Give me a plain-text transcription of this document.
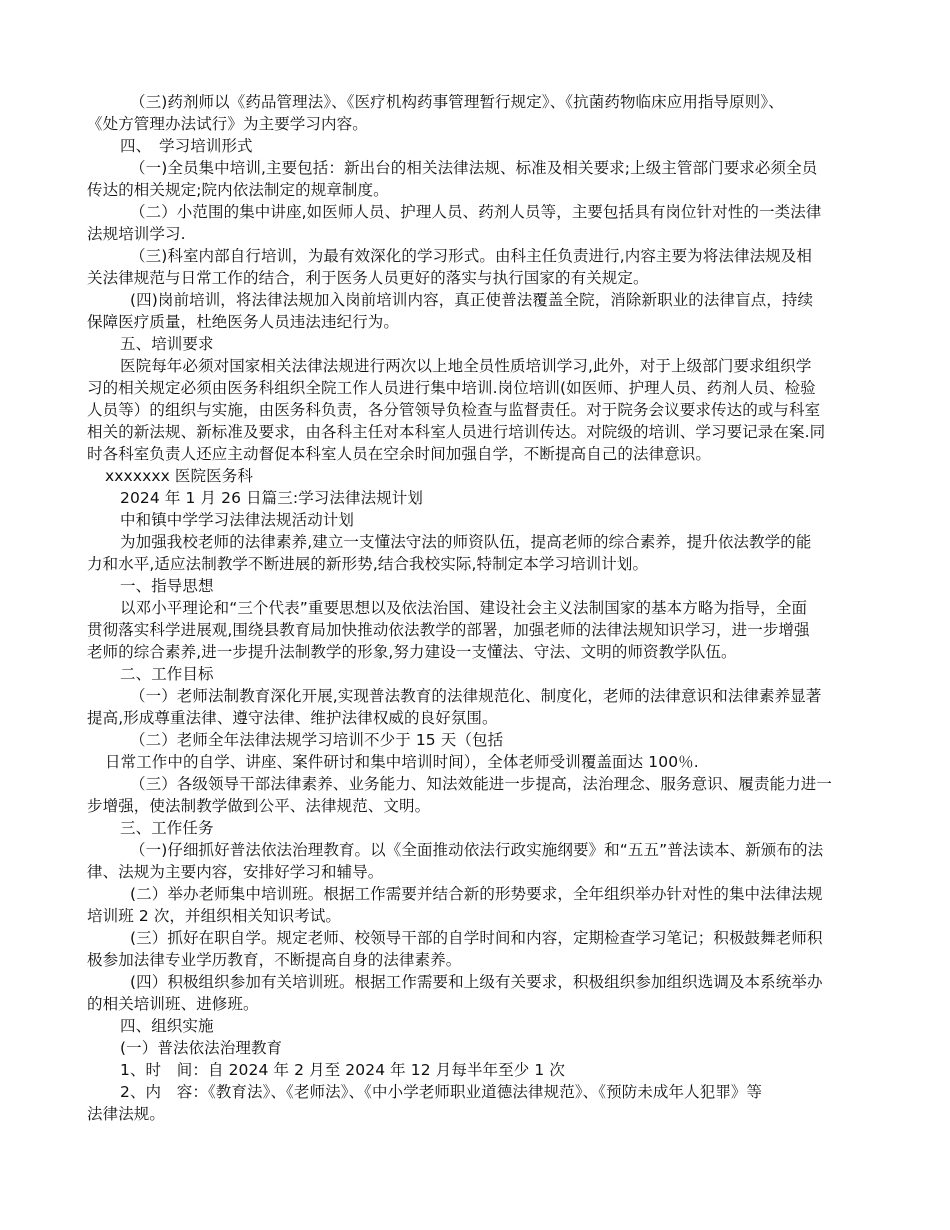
（三)药剂师以《药品管理法》、《医疗机构药事管理暂行规定》、《抗菌药物临床应用指导原则》、
《处方管理办法试行》为主要学习内容。
四、　学习培训形式
（一)全员集中培训,主要包括：新出台的相关法律法规、标准及相关要求;上级主管部门要求必须全员
传达的相关规定;院内依法制定的规章制度。
（二）小范围的集中讲座,如医师人员、护理人员、药剂人员等，主要包括具有岗位针对性的一类法律
法规培训学习.
（三)科室内部自行培训，为最有效深化的学习形式。由科主任负责进行,内容主要为将法律法规及相
关法律规范与日常工作的结合，利于医务人员更好的落实与执行国家的有关规定。
(四)岗前培训，将法律法规加入岗前培训内容，真正使普法覆盖全院，消除新职业的法律盲点，持续
保障医疗质量，杜绝医务人员违法违纪行为。
五、培训要求
医院每年必须对国家相关法律法规进行两次以上地全员性质培训学习,此外，对于上级部门要求组织学
习的相关规定必须由医务科组织全院工作人员进行集中培训.岗位培训(如医师、护理人员、药剂人员、检验
人员等）的组织与实施，由医务科负责，各分管领导负检查与监督责任。对于院务会议要求传达的或与科室
相关的新法规、新标准及要求，由各科主任对本科室人员进行培训传达。对院级的培训、学习要记录在案.同
时各科室负责人还应主动督促本科室人员在空余时间加强自学，不断提高自己的法律意识。
xxxxxxx 医院医务科
2024 年 1 月 26 日篇三:学习法律法规计划
中和镇中学学习法律法规活动计划
为加强我校老师的法律素养,建立一支懂法守法的师资队伍，提高老师的综合素养，提升依法教学的能
力和水平,适应法制教学不断进展的新形势,结合我校实际,特制定本学习培训计划。
一、指导思想
以邓小平理论和“三个代表”重要思想以及依法治国、建设社会主义法制国家的基本方略为指导，全面
贯彻落实科学进展观,围绕县教育局加快推动依法教学的部署，加强老师的法律法规知识学习，进一步增强
老师的综合素养,进一步提升法制教学的形象,努力建设一支懂法、守法、文明的师资教学队伍。
二、工作目标
（一）老师法制教育深化开展,实现普法教育的法律规范化、制度化，老师的法律意识和法律素养显著
提高,形成尊重法律、遵守法律、维护法律权威的良好氛围。
（二）老师全年法律法规学习培训不少于 15 天（包括
日常工作中的自学、讲座、案件研讨和集中培训时间），全体老师受训覆盖面达 100％.
（三）各级领导干部法律素养、业务能力、知法效能进一步提高，法治理念、服务意识、履责能力进一
步增强，使法制教学做到公平、法律规范、文明。
三、工作任务
（一)仔细抓好普法依法治理教育。以《全面推动依法行政实施纲要》和“五五”普法读本、新颁布的法
律、法规为主要内容，安排好学习和辅导。
(二）举办老师集中培训班。根据工作需要并结合新的形势要求，全年组织举办针对性的集中法律法规
培训班 2 次，并组织相关知识考试。
(三）抓好在职自学。规定老师、校领导干部的自学时间和内容，定期检查学习笔记；积极鼓舞老师积
极参加法律专业学历教育，不断提高自身的法律素养。
(四）积极组织参加有关培训班。根据工作需要和上级有关要求，积极组织参加组织选调及本系统举办
的相关培训班、进修班。
四、组织实施
(一）普法依法治理教育
1、时　间：自 2024 年 2 月至 2024 年 12 月每半年至少 1 次
2、内　容：《教育法》、《老师法》、《中小学老师职业道德法律规范》、《预防未成年人犯罪》等
法律法规。
